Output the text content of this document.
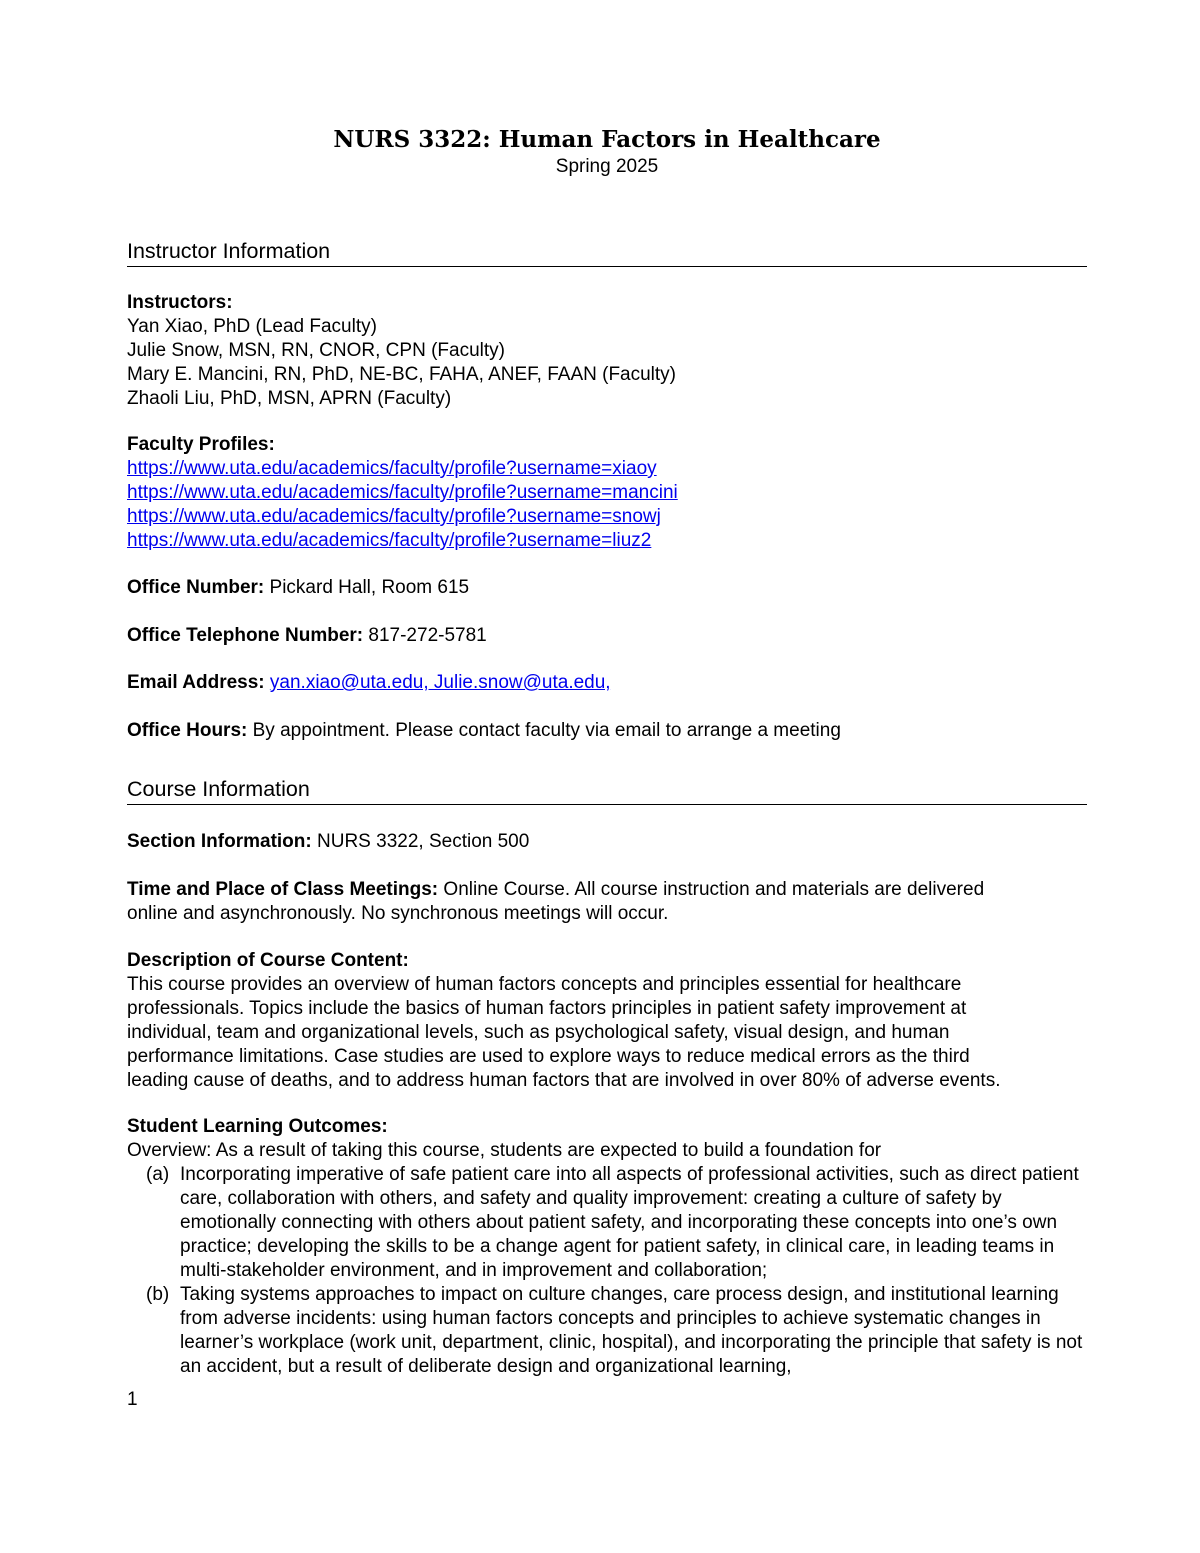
NURS 3322: Human Factors in Healthcare
Spring 2025
Instructor Information
Instructors:
Yan Xiao, PhD (Lead Faculty)
Julie Snow, MSN, RN, CNOR, CPN (Faculty)
Mary E. Mancini, RN, PhD, NE-BC, FAHA, ANEF, FAAN (Faculty)
Zhaoli Liu, PhD, MSN, APRN (Faculty)
Faculty Profiles:
https://www.uta.edu/academics/faculty/profile?username=xiaoy
https://www.uta.edu/academics/faculty/profile?username=mancini
https://www.uta.edu/academics/faculty/profile?username=snowj
https://www.uta.edu/academics/faculty/profile?username=liuz2
Office Number: Pickard Hall, Room 615
Office Telephone Number: 817-272-5781
Email Address: yan.xiao@uta.edu, Julie.snow@uta.edu,
Office Hours: By appointment. Please contact faculty via email to arrange a meeting
Course Information
Section Information: NURS 3322, Section 500
Time and Place of Class Meetings: Online Course. All course instruction and materials are delivered
online and asynchronously. No synchronous meetings will occur.
Description of Course Content:
This course provides an overview of human factors concepts and principles essential for healthcare
professionals. Topics include the basics of human factors principles in patient safety improvement at
individual, team and organizational levels, such as psychological safety, visual design, and human
performance limitations. Case studies are used to explore ways to reduce medical errors as the third
leading cause of deaths, and to address human factors that are involved in over 80% of adverse events.
Student Learning Outcomes:
Overview: As a result of taking this course, students are expected to build a foundation for
(a) Incorporating imperative of safe patient care into all aspects of professional activities, such as direct patient care, collaboration with others, and safety and quality improvement: creating a culture of safety by emotionally connecting with others about patient safety, and incorporating these concepts into one’s own practice; developing the skills to be a change agent for patient safety, in clinical care, in leading teams in multi-stakeholder environment, and in improvement and collaboration;
(b) Taking systems approaches to impact on culture changes, care process design, and institutional learning from adverse incidents: using human factors concepts and principles to achieve systematic changes in learner’s workplace (work unit, department, clinic, hospital), and incorporating the principle that safety is not an accident, but a result of deliberate design and organizational learning,
1
